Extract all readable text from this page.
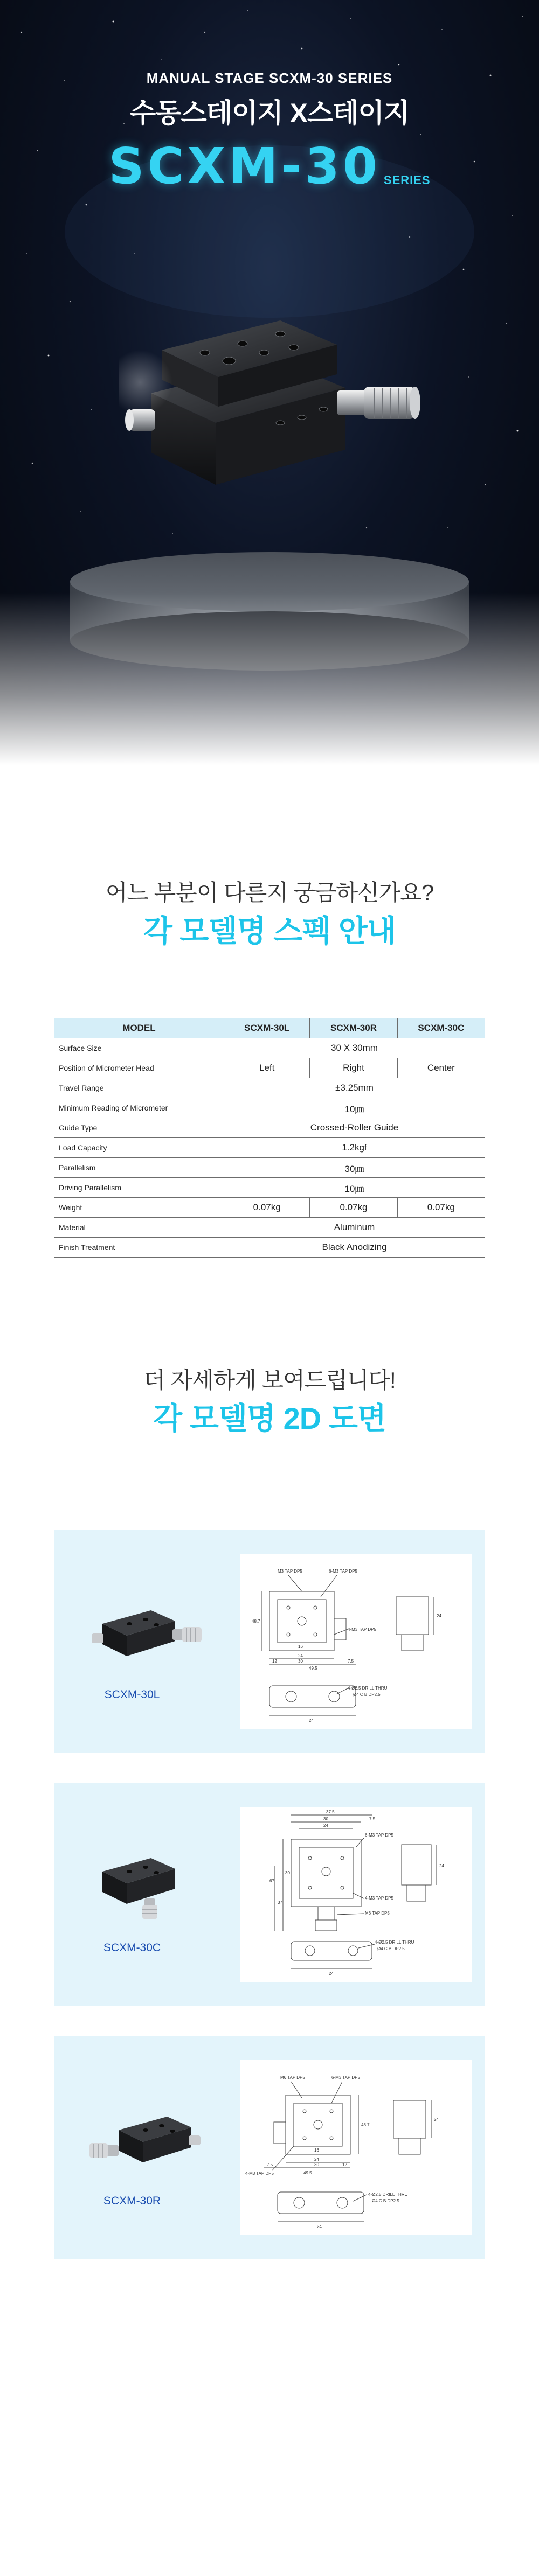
MANUAL STAGE SCXM-30 SERIES
수동스테이지 X스테이지
SCXM-30 SERIES
어느 부분이 다른지 궁금하신가요?
각 모델명 스펙 안내
MODEL	SCXM-30L	SCXM-30R	SCXM-30C
Surface Size	30 X 30mm		
Position of Micrometer Head	Left	Right	Center
Travel Range	±3.25mm		
Minimum Reading of Micrometer	10㎛		
Guide Type	Crossed-Roller Guide		
Load Capacity	1.2kgf		
Parallelism	30㎛		
Driving Parallelism	10㎛		
Weight	0.07kg	0.07kg	0.07kg
Material	Aluminum		
Finish Treatment	Black Anodizing		
더 자세하게 보여드립니다!
각 모델명 2D 도면
SCXM-30L
M3 TAP DP5	6-M3 TAP DP5
4-M3 TAP DP5
4-Ø2.5 DRILL THRU
Ø4 C B DP2.5
16
24
30
49.5
12	7.5
48.7
24
24
SCXM-30C
37.5
30
24
7.5
6-M3 TAP DP5
4-M3 TAP DP5
M6 TAP DP5
4-Ø2.5 DRILL THRU
Ø4 C B DP2.5
24
30
67
37
24
SCXM-30R
M6 TAP DP5	6-M3 TAP DP5
4-M3 TAP DP5
4-Ø2.5 DRILL THRU
Ø4 C B DP2.5
16
24
30
49.5
12
7.5
48.7
24
24
